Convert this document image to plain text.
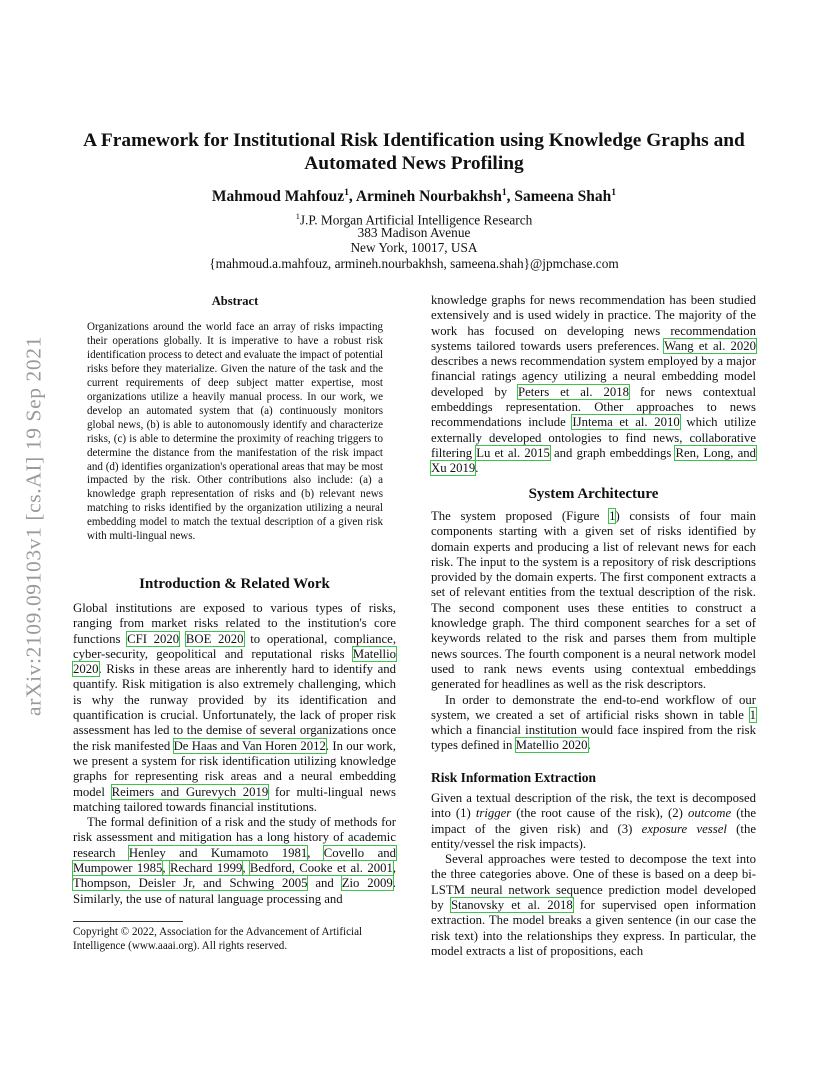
arXiv:2109.09103v1 [cs.AI] 19 Sep 2021
A Framework for Institutional Risk Identification using Knowledge Graphs and
Automated News Profiling
Mahmoud Mahfouz$^1$, Armineh Nourbakhsh$^1$, Sameena Shah$^1$
$^1$J.P. Morgan Artificial Intelligence Research
383 Madison Avenue
New York, 10017, USA
{mahmoud.a.mahfouz, armineh.nourbakhsh, sameena.shah}@jpmchase.com
Abstract
Organizations around the world face an array of risks impacting their operations globally. It is imperative to have a robust risk identification process to detect and evaluate the impact of potential risks before they materialize. Given the nature of the task and the current requirements of deep subject matter expertise, most organizations utilize a heavily manual process. In our work, we develop an automated system that (a) continuously monitors global news, (b) is able to autonomously identify and characterize risks, (c) is able to determine the proximity of reaching triggers to determine the distance from the manifestation of the risk impact and (d) identifies organization's operational areas that may be most impacted by the risk. Other contributions also include: (a) a knowledge graph representation of risks and (b) relevant news matching to risks identified by the organization utilizing a neural embedding model to match the textual description of a given risk with multi-lingual news.
Introduction & Related Work

Global institutions are exposed to various types of risks, ranging from market risks related to the institution's core functions CFI 2020 BOE 2020 to operational, compliance, cyber-security, geopolitical and reputational risks Matellio 2020. Risks in these areas are inherently hard to identify and quantify. Risk mitigation is also extremely challenging, which is why the runway provided by its identification and quantification is crucial. Unfortunately, the lack of proper risk assessment has led to the demise of several organizations once the risk manifested De Haas and Van Horen 2012. In our work, we present a system for risk identification utilizing knowledge graphs for representing risk areas and a neural embedding model Reimers and Gurevych 2019 for multi-lingual news matching tailored towards financial institutions.

The formal definition of a risk and the study of methods for risk assessment and mitigation has a long history of academic research Henley and Kumamoto 1981, Covello and Mumpower 1985, Rechard 1999, Bedford, Cooke et al. 2001, Thompson, Deisler Jr, and Schwing 2005 and Zio 2009. Similarly, the use of natural language processing and

Copyright © 2022, Association for the Advancement of Artificial Intelligence (www.aaai.org). All rights reserved.

knowledge graphs for news recommendation has been studied extensively and is used widely in practice. The majority of the work has focused on developing news recommendation systems tailored towards users preferences. Wang et al. 2020 describes a news recommendation system employed by a major financial ratings agency utilizing a neural embedding model developed by Peters et al. 2018 for news contextual embeddings representation. Other approaches to news recommendations include IJntema et al. 2010 which utilize externally developed ontologies to find news, collaborative filtering Lu et al. 2015 and graph embeddings Ren, Long, and Xu 2019.

System Architecture

The system proposed (Figure 1) consists of four main components starting with a given set of risks identified by domain experts and producing a list of relevant news for each risk. The input to the system is a repository of risk descriptions provided by the domain experts. The first component extracts a set of relevant entities from the textual description of the risk. The second component uses these entities to construct a knowledge graph. The third component searches for a set of keywords related to the risk and parses them from multiple news sources. The fourth component is a neural network model used to rank news events using contextual embeddings generated for headlines as well as the risk descriptors.

In order to demonstrate the end-to-end workflow of our system, we created a set of artificial risks shown in table 1 which a financial institution would face inspired from the risk types defined in Matellio 2020.

Risk Information Extraction

Given a textual description of the risk, the text is decomposed into (1) trigger (the root cause of the risk), (2) outcome (the impact of the given risk) and (3) exposure vessel (the entity/vessel the risk impacts).

Several approaches were tested to decompose the text into the three categories above. One of these is based on a deep bi-LSTM neural network sequence prediction model developed by Stanovsky et al. 2018 for supervised open information extraction. The model breaks a given sentence (in our case the risk text) into the relationships they express. In particular, the model extracts a list of propositions, each
